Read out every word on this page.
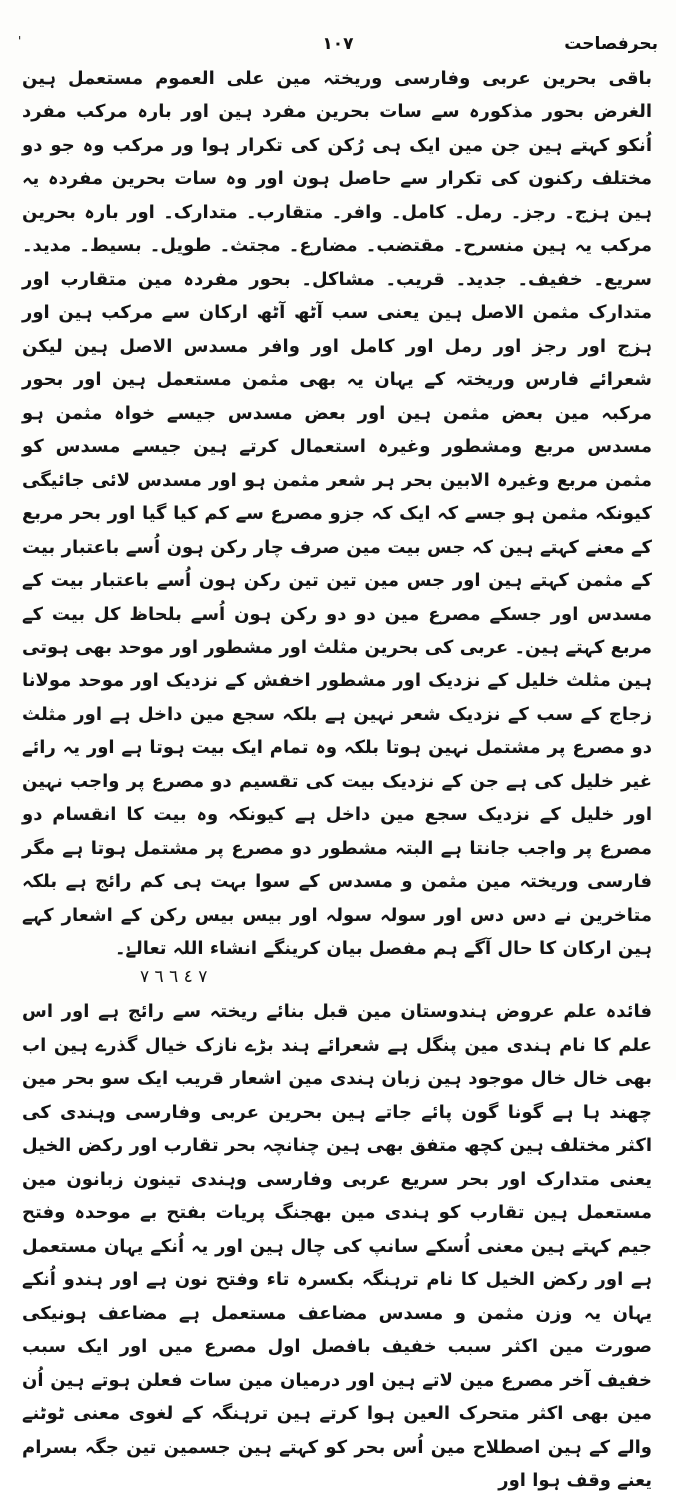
بحرفصاحت
۱۰۷
'

باقی بحرین عربی وفارسی وریختہ مین علی العموم مستعمل ہین الغرض بحور مذکورہ سے سات بحرین مفرد ہین اور بارہ مرکب مفرد اُنکو کہتے ہین جن مین ایک ہی رُکن کی تکرار ہوا ور مرکب وہ جو دو مختلف رکنون کی تکرار سے حاصل ہون اور وہ سات بحرین مفردہ یہ ہین ہزج۔ رجز۔ رمل۔ کامل۔ وافر۔ متقارب۔ متدارک۔ اور بارہ بحرین مرکب یہ ہین منسرح۔ مقتضب۔ مضارع۔ مجتث۔ طویل۔ بسیط۔ مدید۔ سریع۔ خفیف۔ جدید۔ قریب۔ مشاکل۔ بحور مفردہ مین متقارب اور متدارک مثمن الاصل ہین یعنی سب آٹھ آٹھ ارکان سے مرکب ہین اور ہزج اور رجز اور رمل اور کامل اور وافر مسدس الاصل ہین لیکن شعرائے فارس وریختہ کے یہان یہ بھی مثمن مستعمل ہین اور بحور مرکبہ مین بعض مثمن ہین اور بعض مسدس جیسے خواہ مثمن ہو مسدس مربع ومشطور وغیرہ استعمال کرتے ہین جیسے مسدس کو مثمن مربع وغیرہ الابین بحر ہر شعر مثمن ہو اور مسدس لائی جائیگی کیونکہ مثمن ہو جسے کہ ایک کہ جزو مصرع سے کم کیا گیا اور بحر مربع کے معنے کہتے ہین کہ جس بیت مین صرف چار رکن ہون اُسے باعتبار بیت کے مثمن کہتے ہین اور جس مین تین تین رکن ہون اُسے باعتبار بیت کے مسدس اور جسکے مصرع مین دو دو رکن ہون اُسے بلحاظ کل بیت کے مربع کہتے ہین۔ عربی کی بحرین مثلث اور مشطور اور موحد بھی ہوتی ہین مثلث خلیل کے نزدیک اور مشطور اخفش کے نزدیک اور موحد مولانا زجاج کے سب کے نزدیک شعر نہین ہے بلکہ سجع مین داخل ہے اور مثلث دو مصرع پر مشتمل نہین ہوتا بلکہ وہ تمام ایک بیت ہوتا ہے اور یہ رائے غیر خلیل کی ہے جن کے نزدیک بیت کی تقسیم دو مصرع پر واجب نہین اور خلیل کے نزدیک سجع مین داخل ہے کیونکہ وہ بیت کا انقسام دو مصرع پر واجب جانتا ہے البتہ مشطور دو مصرع پر مشتمل ہوتا ہے مگر فارسی وریختہ مین مثمن و مسدس کے سوا بہت ہی کم رائج ہے بلکہ متاخرین نے دس دس اور سولہ سولہ اور بیس بیس رکن کے اشعار کہے ہین ارکان کا حال آگے ہم مفصل بیان کرینگے انشاء اللہ تعالےٰ۔

٧ ٤ ٦ ٦ ٧

فائدہ علم عروض ہندوستان مین قبل بنائے ریختہ سے رائج ہے اور اس علم کا نام ہندی مین پنگل ہے شعرائے ہند بڑے نازک خیال گذرے ہین اب بھی خال خال موجود ہین زبان ہندی مین اشعار قریب ایک سو بحر مین چھند ہا ہے گونا گون پائے جاتے ہین بحرین عربی وفارسی وہندی کی اکثر مختلف ہین کچھ متفق بھی ہین چنانچہ بحر تقارب اور رکض الخیل یعنی متدارک اور بحر سریع عربی وفارسی وہندی تینون زبانون مین مستعمل ہین تقارب کو ہندی مین بھجنگ پریات بفتح بے موحدہ وفتح جیم کہتے ہین معنی اُسکے سانپ کی چال ہین اور یہ اُنکے یہان مستعمل ہے اور رکض الخیل کا نام ترہنگہ بکسرہ تاء وفتح نون ہے اور ہندو اُنکے یہان یہ وزن مثمن و مسدس مضاعف مستعمل ہے مضاعف ہونیکی صورت مین اکثر سبب خفیف بافصل اول مصرع میں اور ایک سبب خفیف آخر مصرع مین لاتے ہین اور درمیان مین سات فعلن ہوتے ہین اُن مین بھی اکثر متحرک العین ہوا کرتے ہین ترہنگہ کے لغوی معنی ٹوٹنے والے کے ہین اصطلاح مین اُس بحر کو کہتے ہین جسمین تین جگہ بسرام یعنے وقف ہوا اور
